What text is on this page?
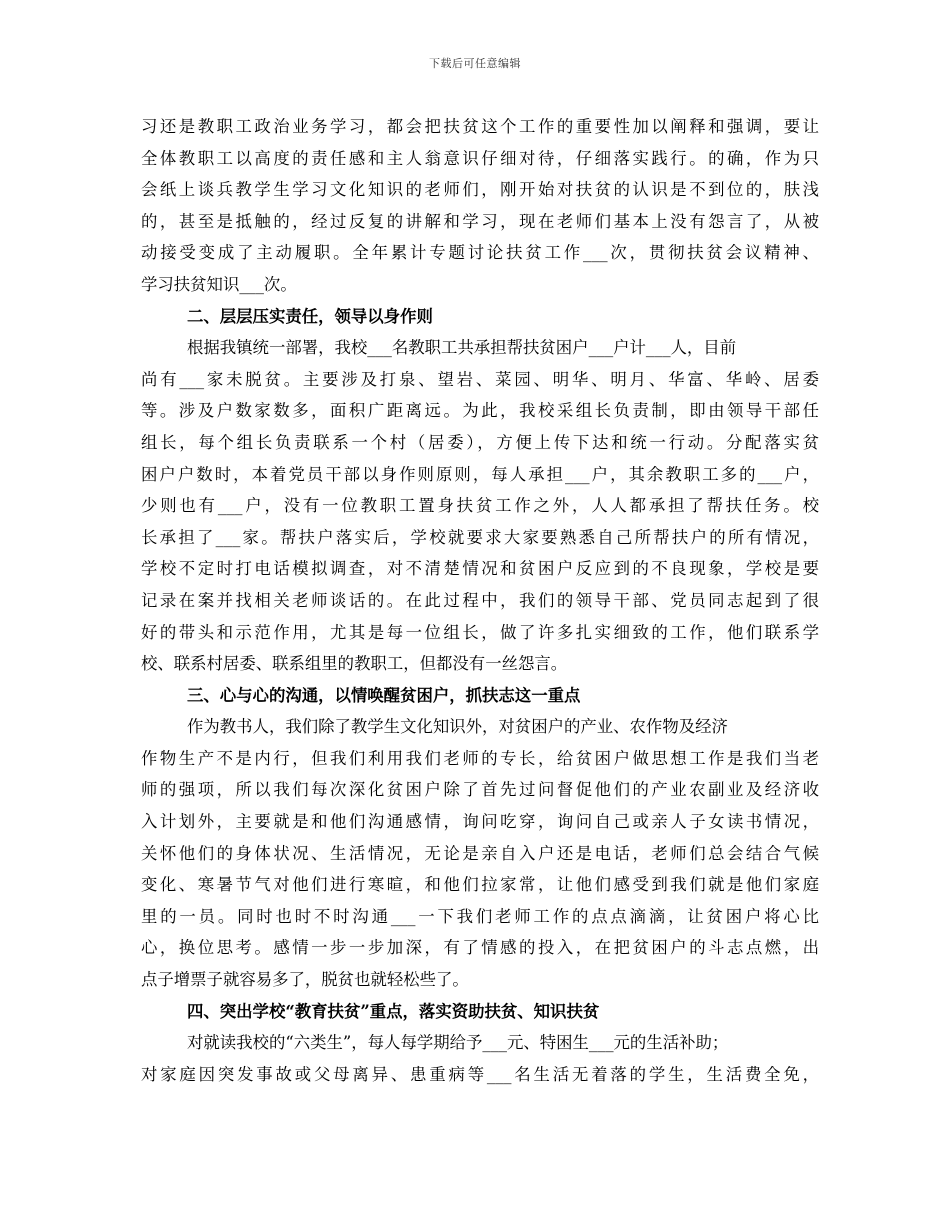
下载后可任意编辑
习还是教职工政治业务学习，都会把扶贫这个工作的重要性加以阐释和强调，要让
全体教职工以高度的责任感和主人翁意识仔细对待，仔细落实践行。的确，作为只
会纸上谈兵教学生学习文化知识的老师们，刚开始对扶贫的认识是不到位的，肤浅
的，甚至是抵触的，经过反复的讲解和学习，现在老师们基本上没有怨言了，从被
动接受变成了主动履职。全年累计专题讨论扶贫工作___次，贯彻扶贫会议精神、
学习扶贫知识___次。
二、层层压实责任，领导以身作则
根据我镇统一部署，我校___名教职工共承担帮扶贫困户___户计___人，目前
尚有___家未脱贫。主要涉及打泉、望岩、菜园、明华、明月、华富、华岭、居委
等。涉及户数家数多，面积广距离远。为此，我校采组长负责制，即由领导干部任
组长，每个组长负责联系一个村（居委），方便上传下达和统一行动。分配落实贫
困户户数时，本着党员干部以身作则原则，每人承担___户，其余教职工多的___户，
少则也有___户，没有一位教职工置身扶贫工作之外，人人都承担了帮扶任务。校
长承担了___家。帮扶户落实后，学校就要求大家要熟悉自己所帮扶户的所有情况，
学校不定时打电话模拟调查，对不清楚情况和贫困户反应到的不良现象，学校是要
记录在案并找相关老师谈话的。在此过程中，我们的领导干部、党员同志起到了很
好的带头和示范作用，尤其是每一位组长，做了许多扎实细致的工作，他们联系学
校、联系村居委、联系组里的教职工，但都没有一丝怨言。
三、心与心的沟通，以情唤醒贫困户，抓扶志这一重点
作为教书人，我们除了教学生文化知识外，对贫困户的产业、农作物及经济
作物生产不是内行，但我们利用我们老师的专长，给贫困户做思想工作是我们当老
师的强项，所以我们每次深化贫困户除了首先过问督促他们的产业农副业及经济收
入计划外，主要就是和他们沟通感情，询问吃穿，询问自己或亲人子女读书情况，
关怀他们的身体状况、生活情况，无论是亲自入户还是电话，老师们总会结合气候
变化、寒暑节气对他们进行寒暄，和他们拉家常，让他们感受到我们就是他们家庭
里的一员。同时也时不时沟通___一下我们老师工作的点点滴滴，让贫困户将心比
心，换位思考。感情一步一步加深，有了情感的投入，在把贫困户的斗志点燃，出
点子增票子就容易多了，脱贫也就轻松些了。
四、突出学校“教育扶贫”重点，落实资助扶贫、知识扶贫
对就读我校的“六类生”，每人每学期给予___元、特困生___元的生活补助；
对家庭因突发事故或父母离异、患重病等___名生活无着落的学生，生活费全免，
